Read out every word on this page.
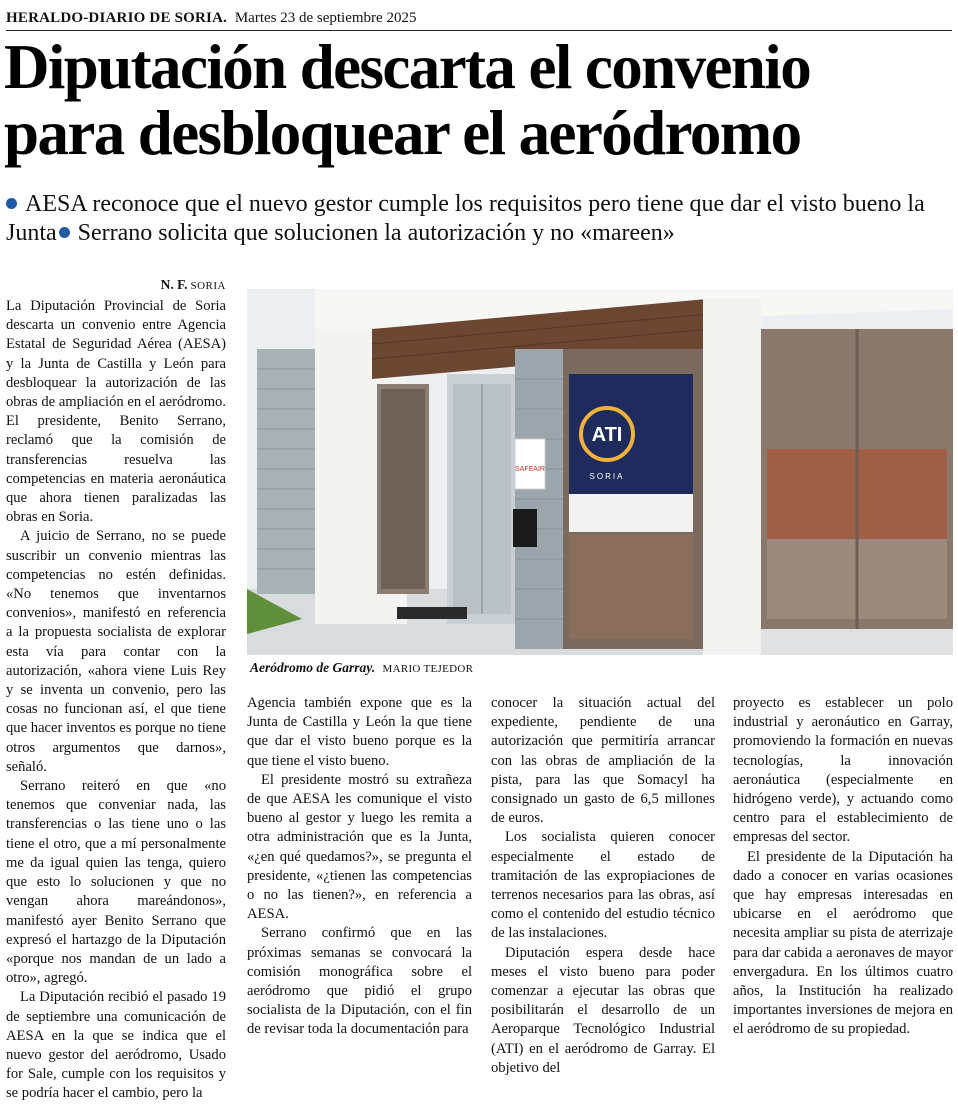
HERALDO-DIARIO DE SORIA. Martes 23 de septiembre 2025
Diputación descarta el convenio
para desbloquear el aeródromo
AESA reconoce que el nuevo gestor cumple los requisitos pero tiene que dar el visto bueno la Junta Serrano solicita que solucionen la autorización y no «mareen»
N. F. SORIA

La Diputación Provincial de Soria descarta un convenio entre Agencia Estatal de Seguridad Aérea (AESA) y la Junta de Castilla y León para desbloquear la autorización de las obras de ampliación en el aeródromo. El presidente, Benito Serrano, reclamó que la comisión de transferencias resuelva las competencias en materia aeronáutica que ahora tienen paralizadas las obras en Soria.

A juicio de Serrano, no se puede suscribir un convenio mientras las competencias no estén definidas. «No tenemos que inventarnos convenios», manifestó en referencia a la propuesta socialista de explorar esta vía para contar con la autorización, «ahora viene Luis Rey y se inventa un convenio, pero las cosas no funcionan así, el que tiene que hacer inventos es porque no tiene otros argumentos que darnos», señaló.

Serrano reiteró en que «no tenemos que conveniar nada, las transferencias o las tiene uno o las tiene el otro, que a mí personalmente me da igual quien las tenga, quiero que esto lo solucionen y que no vengan ahora mareándonos», manifestó ayer Benito Serrano que expresó el hartazgo de la Diputación «porque nos mandan de un lado a otro», agregó.

La Diputación recibió el pasado 19 de septiembre una comunicación de AESA en la que se indica que el nuevo gestor del aeródromo, Usado for Sale, cumple con los requisitos y se podría hacer el cambio, pero la

SAFEAIR
ATI
SORIA
Aeródromo de Garray. MARIO TEJEDOR

Agencia también expone que es la Junta de Castilla y León la que tiene que dar el visto bueno porque es la que tiene el visto bueno.

El presidente mostró su extrañeza de que AESA les comunique el visto bueno al gestor y luego les remita a otra administración que es la Junta, «¿en qué quedamos?», se pregunta el presidente, «¿tienen las competencias o no las tienen?», en referencia a AESA.

Serrano confirmó que en las próximas semanas se convocará la comisión monográfica sobre el aeródromo que pidió el grupo socialista de la Diputación, con el fin de revisar toda la documentación para

conocer la situación actual del expediente, pendiente de una autorización que permitiría arrancar con las obras de ampliación de la pista, para las que Somacyl ha consignado un gasto de 6,5 millones de euros.

Los socialista quieren conocer especialmente el estado de tramitación de las expropiaciones de terrenos necesarios para las obras, así como el contenido del estudio técnico de las instalaciones.

Diputación espera desde hace meses el visto bueno para poder comenzar a ejecutar las obras que posibilitarán el desarrollo de un Aeroparque Tecnológico Industrial (ATI) en el aeródromo de Garray. El objetivo del

proyecto es establecer un polo industrial y aeronáutico en Garray, promoviendo la formación en nuevas tecnologías, la innovación aeronáutica (especialmente en hidrógeno verde), y actuando como centro para el establecimiento de empresas del sector.

El presidente de la Diputación ha dado a conocer en varias ocasiones que hay empresas interesadas en ubicarse en el aeródromo que necesita ampliar su pista de aterrizaje para dar cabida a aeronaves de mayor envergadura. En los últimos cuatro años, la Institución ha realizado importantes inversiones de mejora en el aeródromo de su propiedad.
